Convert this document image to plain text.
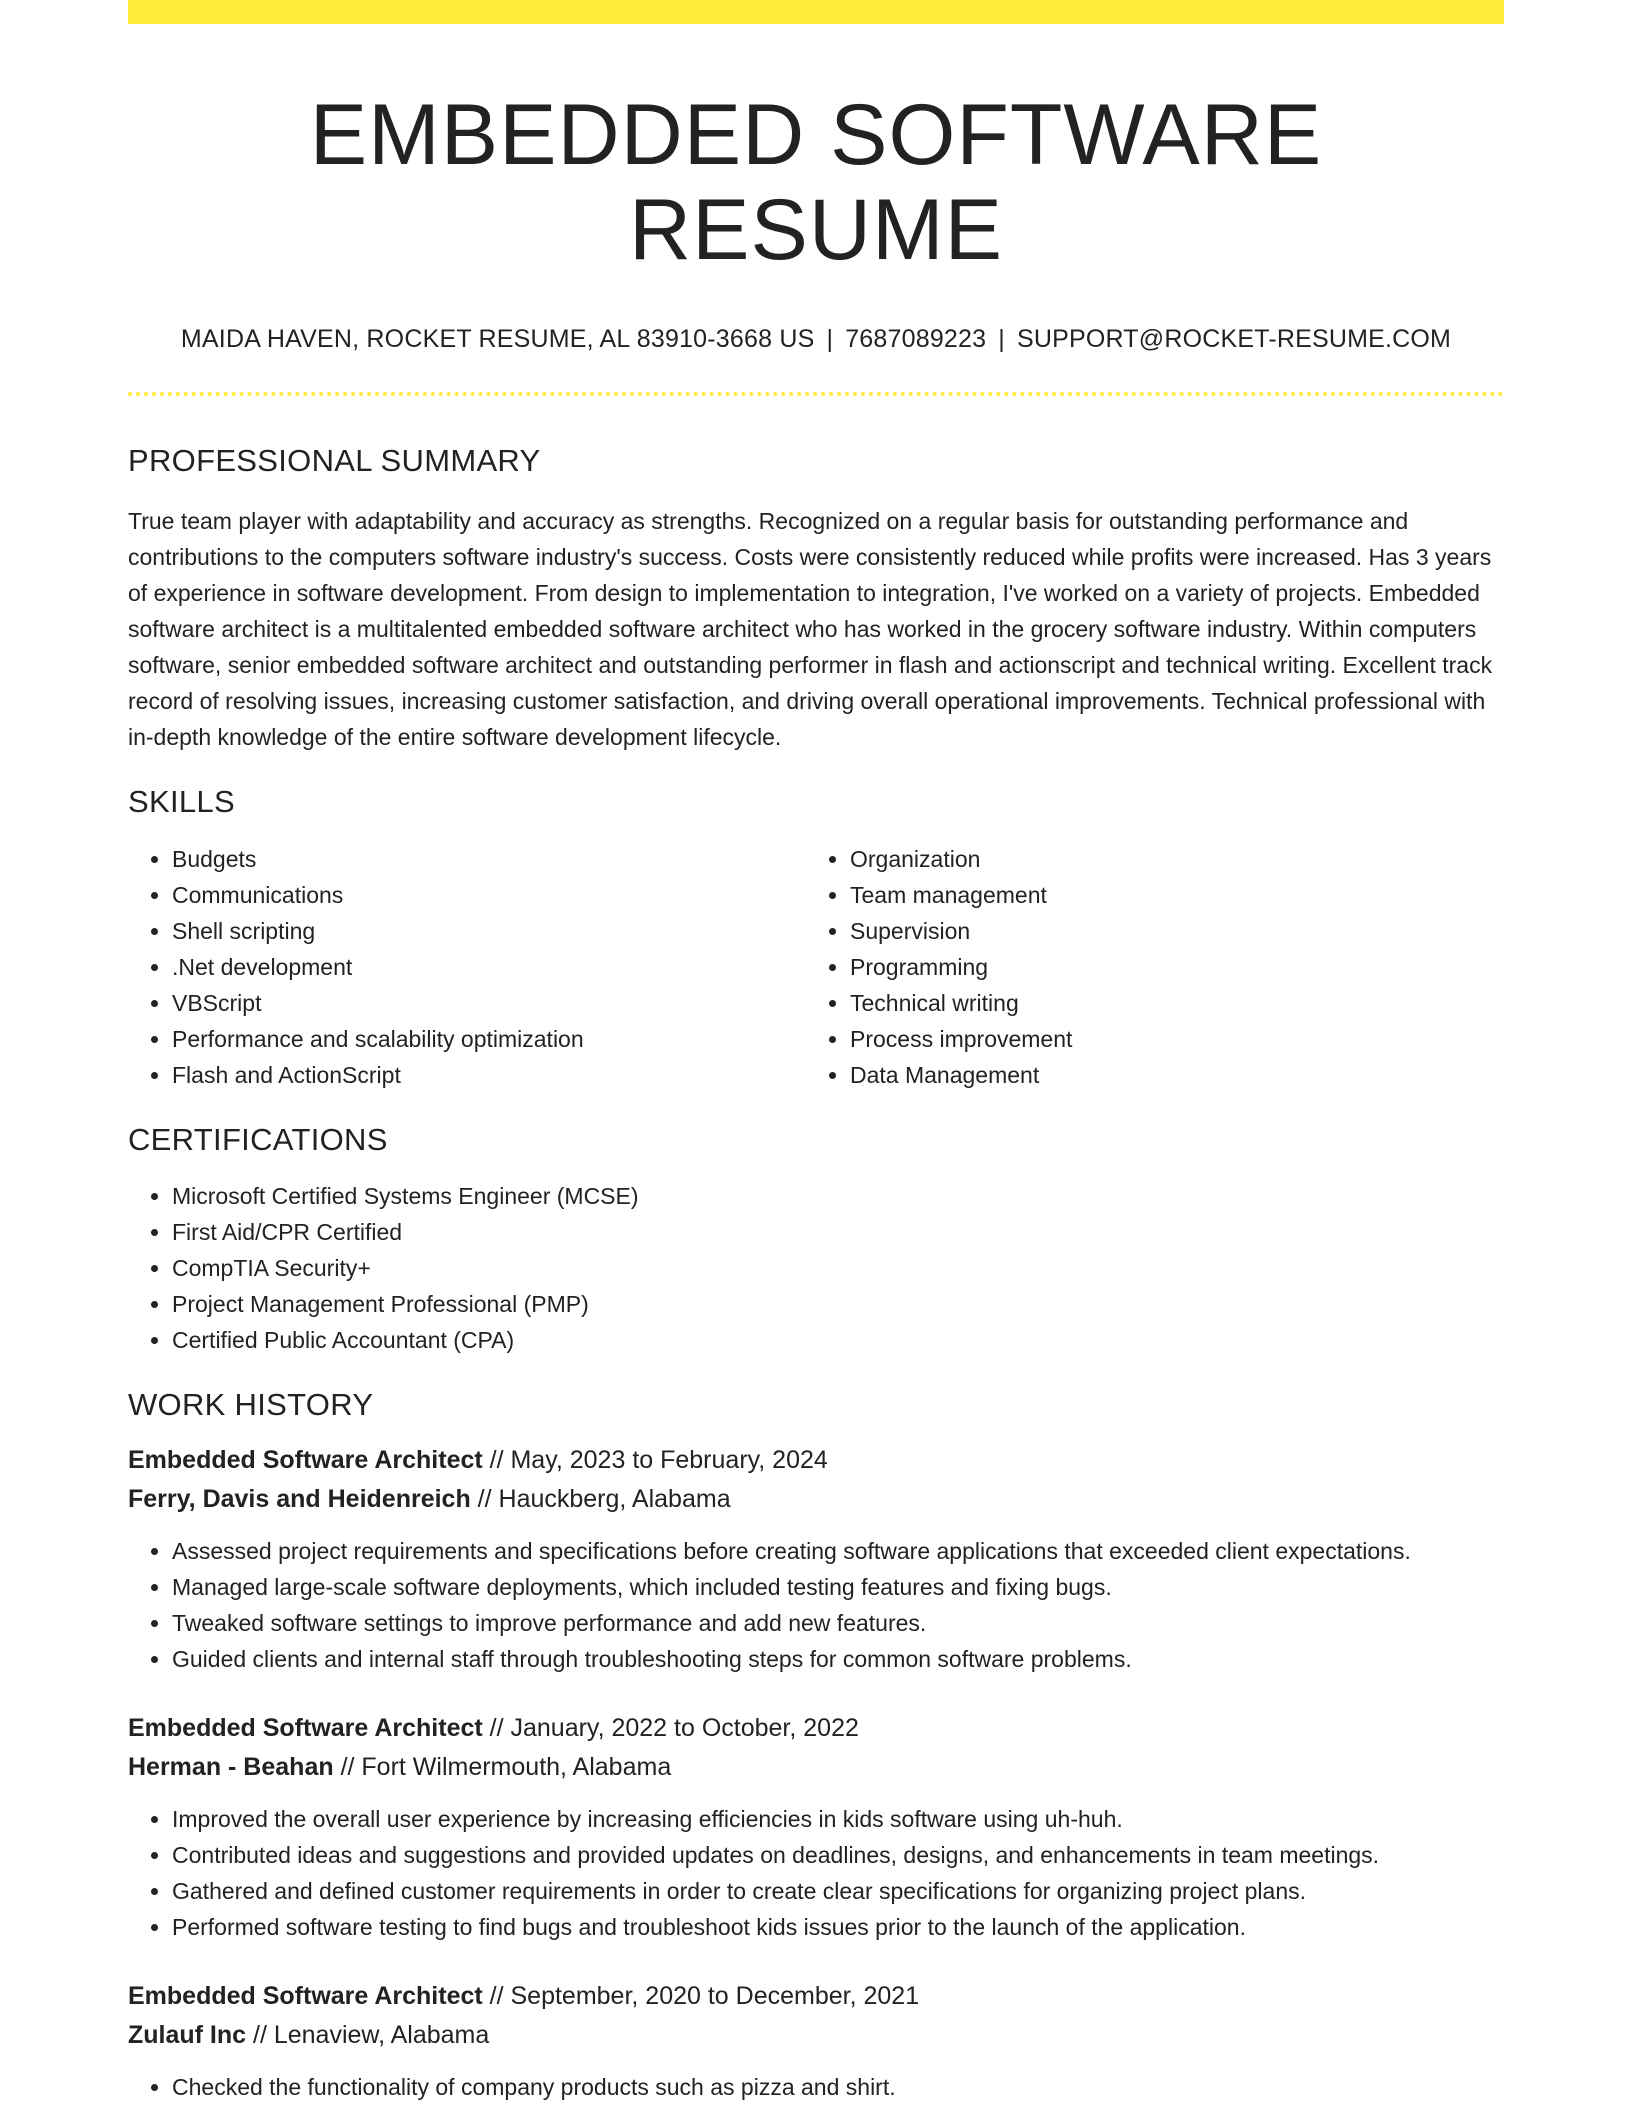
EMBEDDED SOFTWARE RESUME
MAIDA HAVEN, ROCKET RESUME, AL 83910-3668 US | 7687089223 | SUPPORT@ROCKET-RESUME.COM
PROFESSIONAL SUMMARY

True team player with adaptability and accuracy as strengths. Recognized on a regular basis for outstanding performance and contributions to the computers software industry's success. Costs were consistently reduced while profits were increased. Has 3 years of experience in software development. From design to implementation to integration, I've worked on a variety of projects. Embedded software architect is a multitalented embedded software architect who has worked in the grocery software industry. Within computers software, senior embedded software architect and outstanding performer in flash and actionscript and technical writing. Excellent track record of resolving issues, increasing customer satisfaction, and driving overall operational improvements. Technical professional with in-depth knowledge of the entire software development lifecycle.

SKILLS
• Budgets
• Communications
• Shell scripting
• .Net development
• VBScript
• Performance and scalability optimization
• Flash and ActionScript
• Organization
• Team management
• Supervision
• Programming
• Technical writing
• Process improvement
• Data Management
CERTIFICATIONS
• Microsoft Certified Systems Engineer (MCSE)
• First Aid/CPR Certified
• CompTIA Security+
• Project Management Professional (PMP)
• Certified Public Accountant (CPA)
WORK HISTORY
Embedded Software Architect // May, 2023 to February, 2024
Ferry, Davis and Heidenreich // Hauckberg, Alabama
• Assessed project requirements and specifications before creating software applications that exceeded client expectations.
• Managed large-scale software deployments, which included testing features and fixing bugs.
• Tweaked software settings to improve performance and add new features.
• Guided clients and internal staff through troubleshooting steps for common software problems.
Embedded Software Architect // January, 2022 to October, 2022
Herman - Beahan // Fort Wilmermouth, Alabama
• Improved the overall user experience by increasing efficiencies in kids software using uh-huh.
• Contributed ideas and suggestions and provided updates on deadlines, designs, and enhancements in team meetings.
• Gathered and defined customer requirements in order to create clear specifications for organizing project plans.
• Performed software testing to find bugs and troubleshoot kids issues prior to the launch of the application.
Embedded Software Architect // September, 2020 to December, 2021
Zulauf Inc // Lenaview, Alabama
• Checked the functionality of company products such as pizza and shirt.
